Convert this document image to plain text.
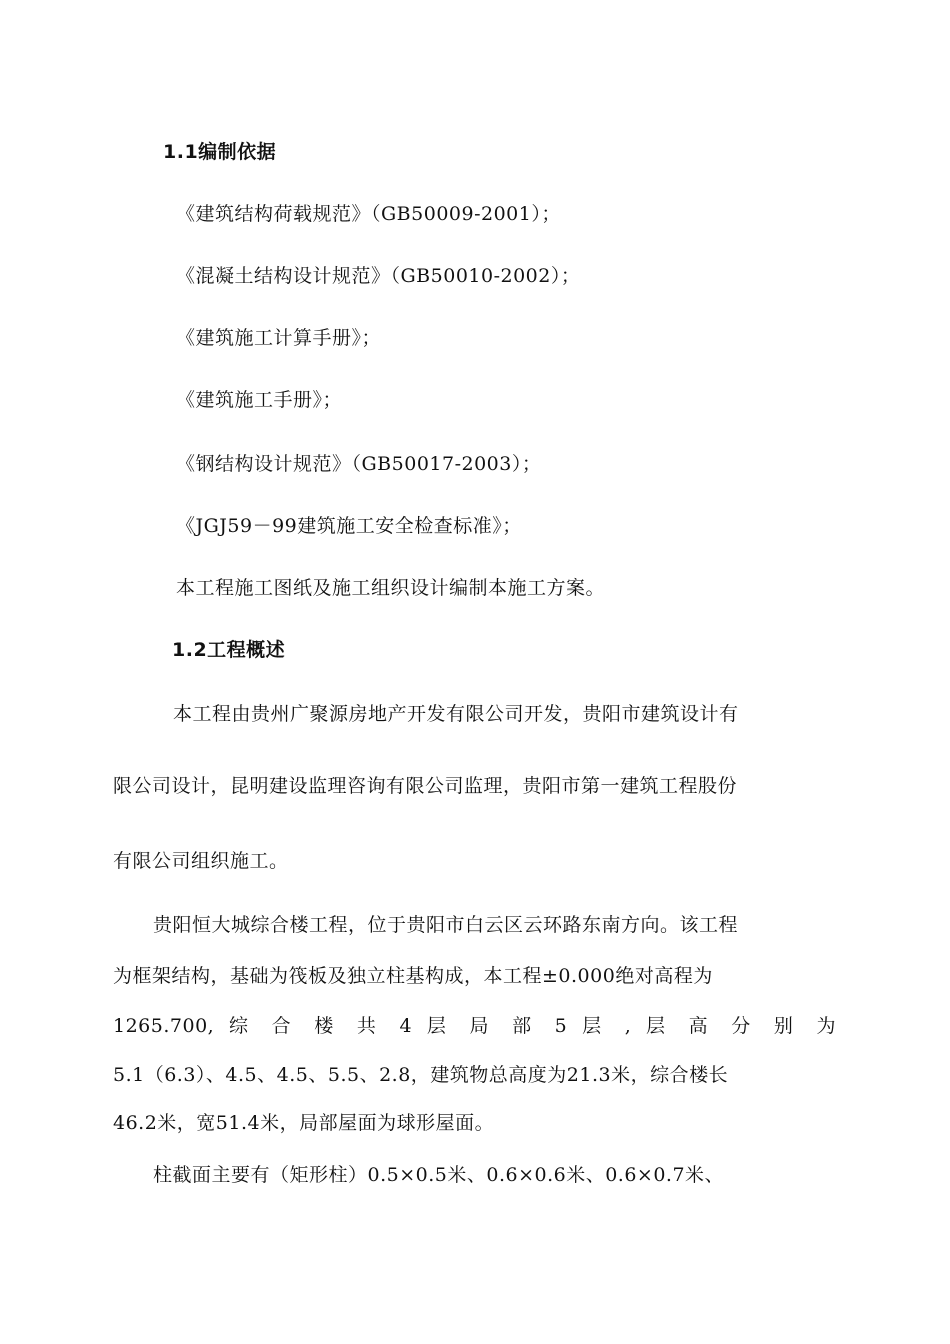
1.1编制依据
《建筑结构荷载规范》（GB50009-2001）；
《混凝土结构设计规范》（GB50010-2002）；
《建筑施工计算手册》；
《建筑施工手册》；
《钢结构设计规范》（GB50017-2003）；
《JGJ59－99建筑施工安全检查标准》；
本工程施工图纸及施工组织设计编制本施工方案。
1.2工程概述
本工程由贵州广聚源房地产开发有限公司开发，贵阳市建筑设计有
限公司设计，昆明建设监理咨询有限公司监理，贵阳市第一建筑工程股份
有限公司组织施工。
贵阳恒大城综合楼工程，位于贵阳市白云区云环路东南方向。该工程
为框架结构，基础为筏板及独立柱基构成，本工程±0.000绝对高程为
1265.700, 综 合 楼 共 4 层 局 部 5 层 , 层 高 分 别 为
5.1（6.3）、4.5、4.5、5.5、2.8，建筑物总高度为21.3米，综合楼长
46.2米，宽51.4米，局部屋面为球形屋面。
柱截面主要有（矩形柱）0.5×0.5米、0.6×0.6米、0.6×0.7米、
